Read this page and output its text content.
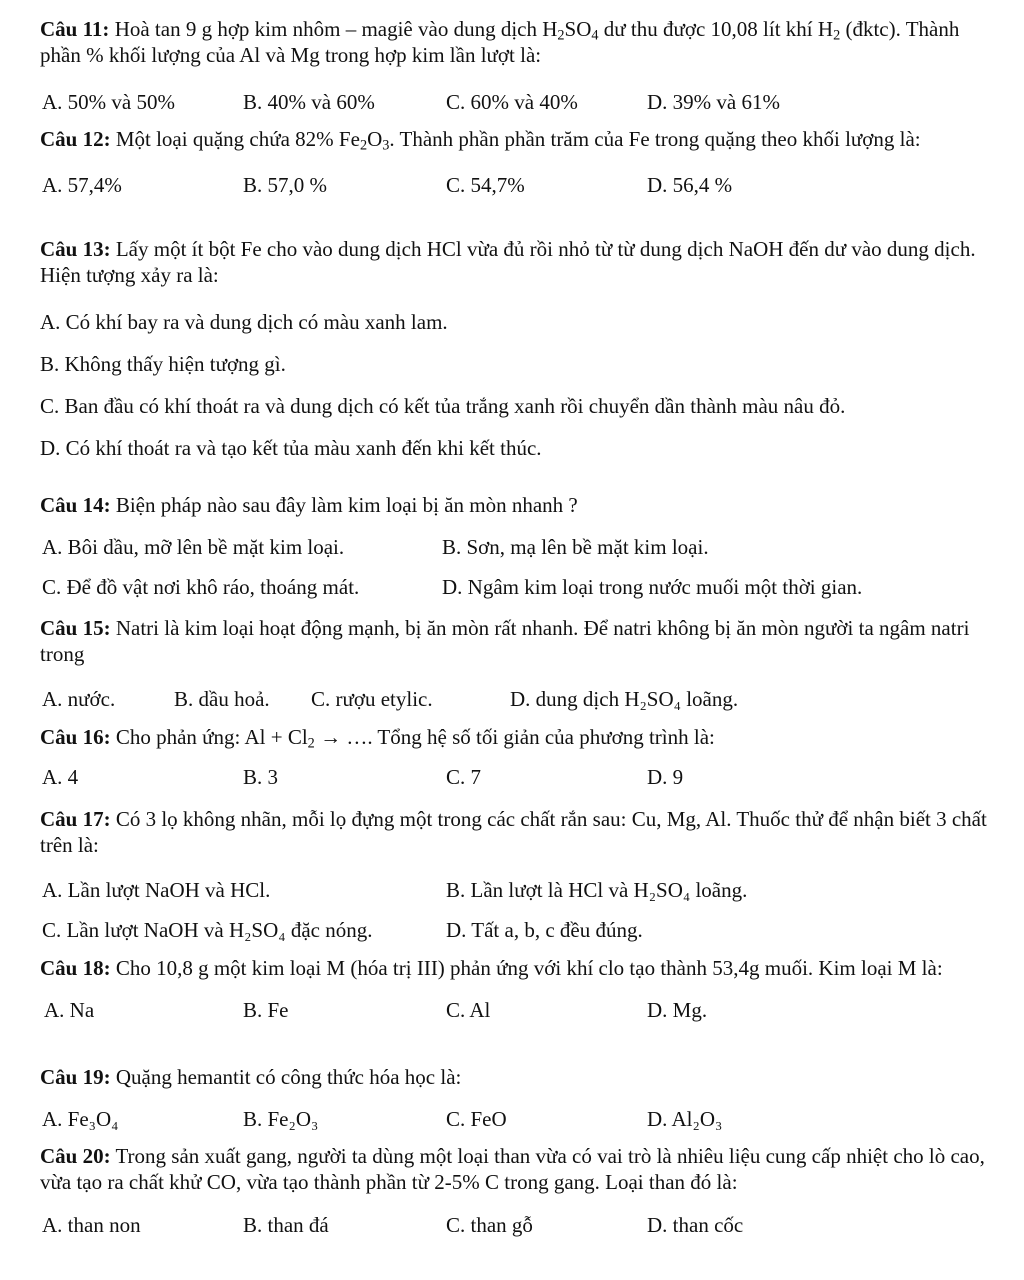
Câu 11: Hoà tan 9 g hợp kim nhôm – magiê vào dung dịch $H_2SO_4$ dư thu được 10,08 lít khí $H_2$ (đktc). Thành phần % khối lượng của Al và Mg trong hợp kim lần lượt là:

A. 50% và 50%	B. 40% và 60%	C. 60% và 40%	D. 39% và 61%

Câu 12: Một loại quặng chứa 82% $Fe_2O_3$. Thành phần phần trăm của Fe trong quặng theo khối lượng là:

A. 57,4%	B. 57,0 %	C. 54,7%	D. 56,4 %

Câu 13: Lấy một ít bột Fe cho vào dung dịch HCl vừa đủ rồi nhỏ từ từ dung dịch NaOH đến dư vào dung dịch. Hiện tượng xảy ra là:

A. Có khí bay ra và dung dịch có màu xanh lam.

B. Không thấy hiện tượng gì.

C. Ban đầu có khí thoát ra và dung dịch có kết tủa trắng xanh rồi chuyển dần thành màu nâu đỏ.

D. Có khí thoát ra và tạo kết tủa màu xanh đến khi kết thúc.

Câu 14: Biện pháp nào sau đây làm kim loại bị ăn mòn nhanh ?

A. Bôi dầu, mỡ lên bề mặt kim loại.	B. Sơn, mạ lên bề mặt kim loại.
C. Để đồ vật nơi khô ráo, thoáng mát.	D. Ngâm kim loại trong nước muối một thời gian.

Câu 15: Natri là kim loại hoạt động mạnh, bị ăn mòn rất nhanh. Để natri không bị ăn mòn người ta ngâm natri trong

A. nước.	B. dầu hoả. C. rượu etylic.	D. dung dịch H₂SO₄ loãng.

Câu 16: Cho phản ứng: $Al + Cl_2$ → …. Tổng hệ số tối giản của phương trình là:

A. 4	B. 3	C. 7	D. 9

Câu 17: Có 3 lọ không nhãn, mỗi lọ đựng một trong các chất rắn sau: Cu, Mg, Al. Thuốc thử để nhận biết 3 chất trên là:

A. Lần lượt NaOH và HCl.	B. Lần lượt là HCl và H₂SO₄ loãng.
C. Lần lượt NaOH và H₂SO₄ đặc nóng.	D. Tất a, b, c đều đúng.

Câu 18: Cho 10,8 g một kim loại M (hóa trị III) phản ứng với khí clo tạo thành 53,4g muối. Kim loại M là:

A. Na	B. Fe	C. Al	D. Mg.

Câu 19: Quặng hemantit có công thức hóa học là:

A. Fe₃O₄	B. Fe₂O₃	C. FeO	D. Al₂O₃

Câu 20: Trong sản xuất gang, người ta dùng một loại than vừa có vai trò là nhiêu liệu cung cấp nhiệt cho lò cao, vừa tạo ra chất khử CO, vừa tạo thành phần từ 2-5% C trong gang. Loại than đó là:

A. than non	B. than đá	C. than gỗ	D. than cốc
